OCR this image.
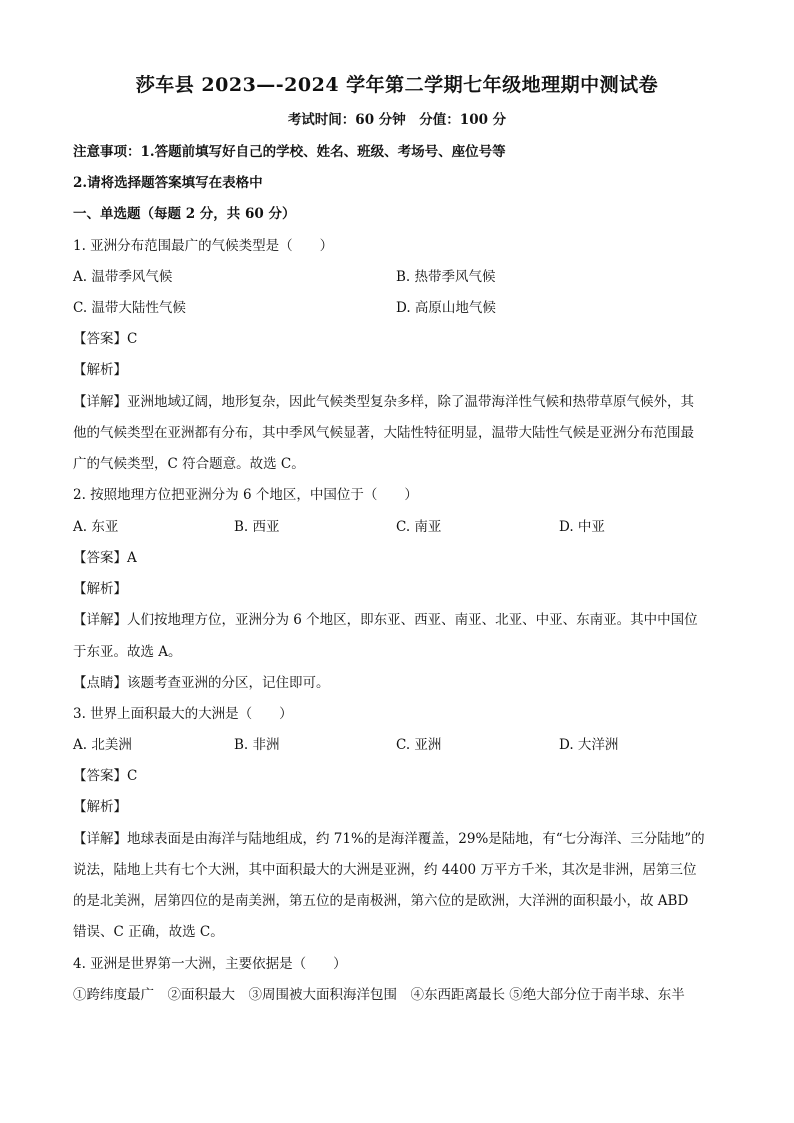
莎车县 2023—-2024 学年第二学期七年级地理期中测试卷
考试时间：60 分钟　分值：100 分
注意事项：1.答题前填写好自己的学校、姓名、班级、考场号、座位号等
2.请将选择题答案填写在表格中
一、单选题（每题 2 分，共 60 分）
1. 亚洲分布范围最广的气候类型是（　　）
A. 温带季风气候	B. 热带季风气候
C. 温带大陆性气候	D. 高原山地气候
【答案】C
【解析】
【详解】亚洲地域辽阔，地形复杂，因此气候类型复杂多样，除了温带海洋性气候和热带草原气候外，其
他的气候类型在亚洲都有分布，其中季风气候显著，大陆性特征明显，温带大陆性气候是亚洲分布范围最
广的气候类型，C 符合题意。故选 C。
2. 按照地理方位把亚洲分为 6 个地区，中国位于（　　）
A. 东亚	B. 西亚	C. 南亚	D. 中亚
【答案】A
【解析】
【详解】人们按地理方位，亚洲分为 6 个地区，即东亚、西亚、南亚、北亚、中亚、东南亚。其中中国位
于东亚。故选 A。
【点睛】该题考查亚洲的分区，记住即可。
3. 世界上面积最大的大洲是（　　）
A. 北美洲	B. 非洲	C. 亚洲	D. 大洋洲
【答案】C
【解析】
【详解】地球表面是由海洋与陆地组成，约 71%的是海洋覆盖，29%是陆地，有“七分海洋、三分陆地”的
说法，陆地上共有七个大洲，其中面积最大的大洲是亚洲，约 4400 万平方千米，其次是非洲，居第三位
的是北美洲，居第四位的是南美洲，第五位的是南极洲，第六位的是欧洲，大洋洲的面积最小，故 ABD
错误、C 正确，故选 C。
4. 亚洲是世界第一大洲，主要依据是（　　）
①跨纬度最广　②面积最大　③周围被大面积海洋包围　④东西距离最长 ⑤绝大部分位于南半球、东半
